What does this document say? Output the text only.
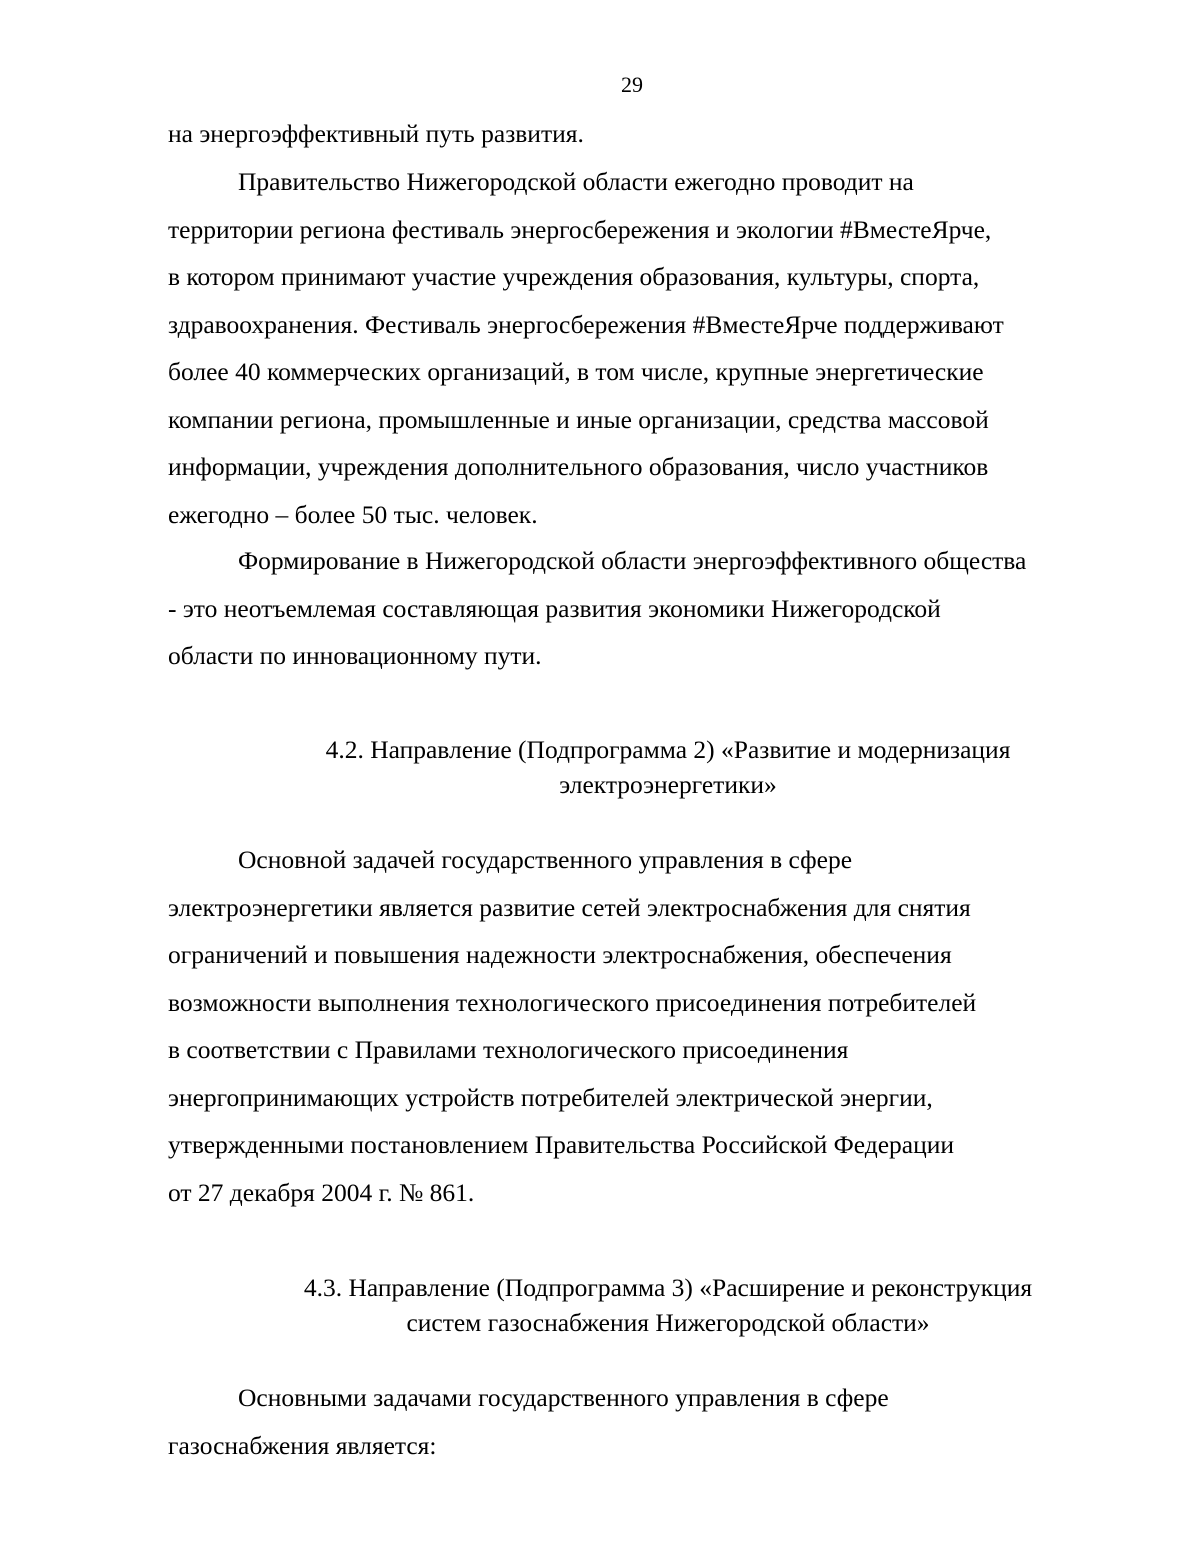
29
на энергоэффективный путь развития.
Правительство Нижегородской области ежегодно проводит на
территории региона фестиваль энергосбережения и экологии #ВместеЯрче,
в котором принимают участие учреждения образования, культуры, спорта,
здравоохранения. Фестиваль энергосбережения #ВместеЯрче поддерживают
более 40 коммерческих организаций, в том числе, крупные энергетические
компании региона, промышленные и иные организации, средства массовой
информации, учреждения дополнительного образования, число участников
ежегодно – более 50 тыс. человек.
Формирование в Нижегородской области энергоэффективного общества
- это неотъемлемая составляющая развития экономики Нижегородской
области по инновационному пути.
4.2. Направление (Подпрограмма 2) «Развитие и модернизация
электроэнергетики»
Основной задачей государственного управления в сфере
электроэнергетики является развитие сетей электроснабжения для снятия
ограничений и повышения надежности электроснабжения, обеспечения
возможности выполнения технологического присоединения потребителей
в соответствии с Правилами технологического присоединения
энергопринимающих устройств потребителей электрической энергии,
утвержденными постановлением Правительства Российской Федерации
от 27 декабря 2004 г. № 861.
4.3. Направление (Подпрограмма 3) «Расширение и реконструкция
систем газоснабжения Нижегородской области»
Основными задачами государственного управления в сфере
газоснабжения является:
